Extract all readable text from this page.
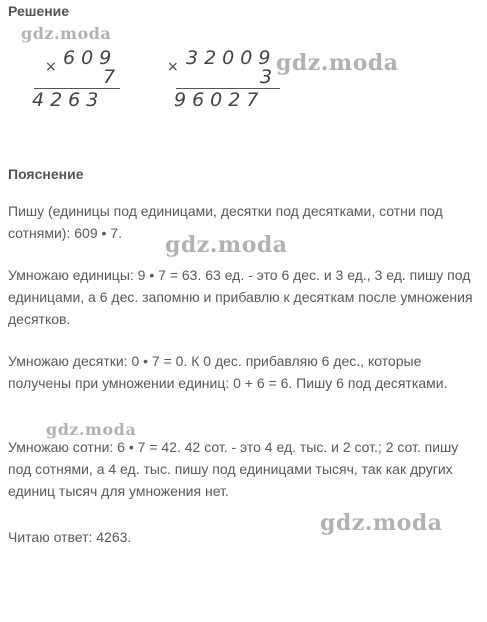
Решение
× 609
7
4263
× 32009
3
96027
Пояснение

Пишу (единицы под единицами, десятки под десятками, сотни под сотнями): 609 • 7.

Умножаю единицы: 9 • 7 = 63. 63 ед. - это 6 дес. и 3 ед., 3 ед. пишу под единицами, а 6 дес. запомню и прибавлю к десяткам после умножения десятков.

Умножаю десятки: 0 • 7 = 0. К 0 дес. прибавляю 6 дес., которые получены при умножении единиц: 0 + 6 = 6. Пишу 6 под десятками.

Умножаю сотни: 6 • 7 = 42. 42 сот. - это 4 ед. тыс. и 2 сот.; 2 сот. пишу под сотнями, а 4 ед. тыс. пишу под единицами тысяч, так как других единиц тысяч для умножения нет.

Читаю ответ: 4263.

gdz.moda
gdz.moda
gdz.moda
gdz.moda
gdz.moda
